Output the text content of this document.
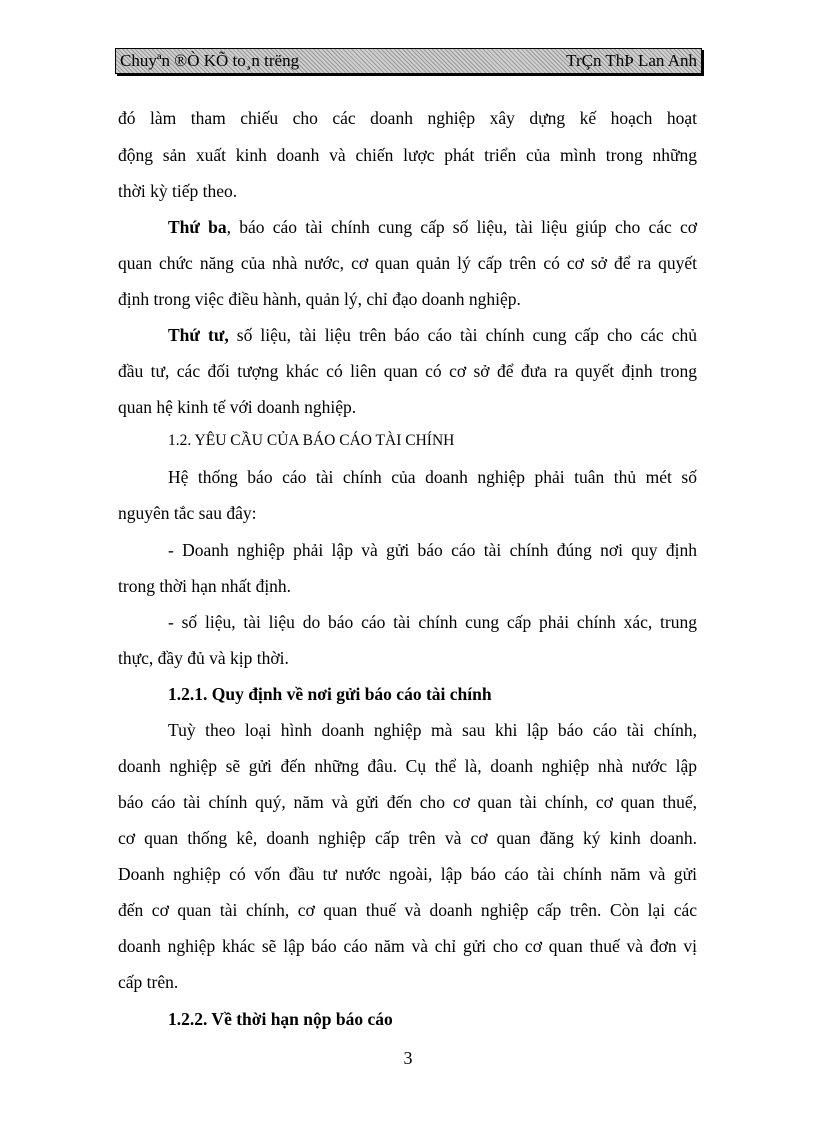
Chuyªn ®Ò KÕ to¸n trëng	TrÇn ThÞ Lan Anh
đó làm tham chiếu cho các doanh nghiệp xây dựng kế hoạch hoạt
động sản xuất kinh doanh và chiến lược phát triển của mình trong những
thời kỳ tiếp theo.
Thứ ba, báo cáo tài chính cung cấp số liệu, tài liệu giúp cho các cơ
quan chức năng của nhà nước, cơ quan quản lý cấp trên có cơ sở để ra quyết
định trong việc điều hành, quản lý, chỉ đạo doanh nghiệp.
Thứ tư, số liệu, tài liệu trên báo cáo tài chính cung cấp cho các chủ
đầu tư, các đối tượng khác có liên quan có cơ sở để đưa ra quyết định trong
quan hệ kinh tế với doanh nghiệp.
1.2. YÊU CẦU CỦA BÁO CÁO TÀI CHÍNH
Hệ thống báo cáo tài chính của doanh nghiệp phải tuân thủ mét số
nguyên tắc sau đây:
- Doanh nghiệp phải lập và gửi báo cáo tài chính đúng nơi quy định
trong thời hạn nhất định.
- số liệu, tài liệu do báo cáo tài chính cung cấp phải chính xác, trung
thực, đầy đủ và kịp thời.
1.2.1. Quy định về nơi gửi báo cáo tài chính
Tuỳ theo loại hình doanh nghiệp mà sau khi lập báo cáo tài chính,
doanh nghiệp sẽ gửi đến những đâu. Cụ thể là, doanh nghiệp nhà nước lập
báo cáo tài chính quý, năm và gửi đến cho cơ quan tài chính, cơ quan thuế,
cơ quan thống kê, doanh nghiệp cấp trên và cơ quan đăng ký kinh doanh.
Doanh nghiệp có vốn đầu tư nước ngoài, lập báo cáo tài chính năm và gửi
đến cơ quan tài chính, cơ quan thuế và doanh nghiệp cấp trên. Còn lại các
doanh nghiệp khác sẽ lập báo cáo năm và chỉ gửi cho cơ quan thuế và đơn vị
cấp trên.
1.2.2. Về thời hạn nộp báo cáo
3
